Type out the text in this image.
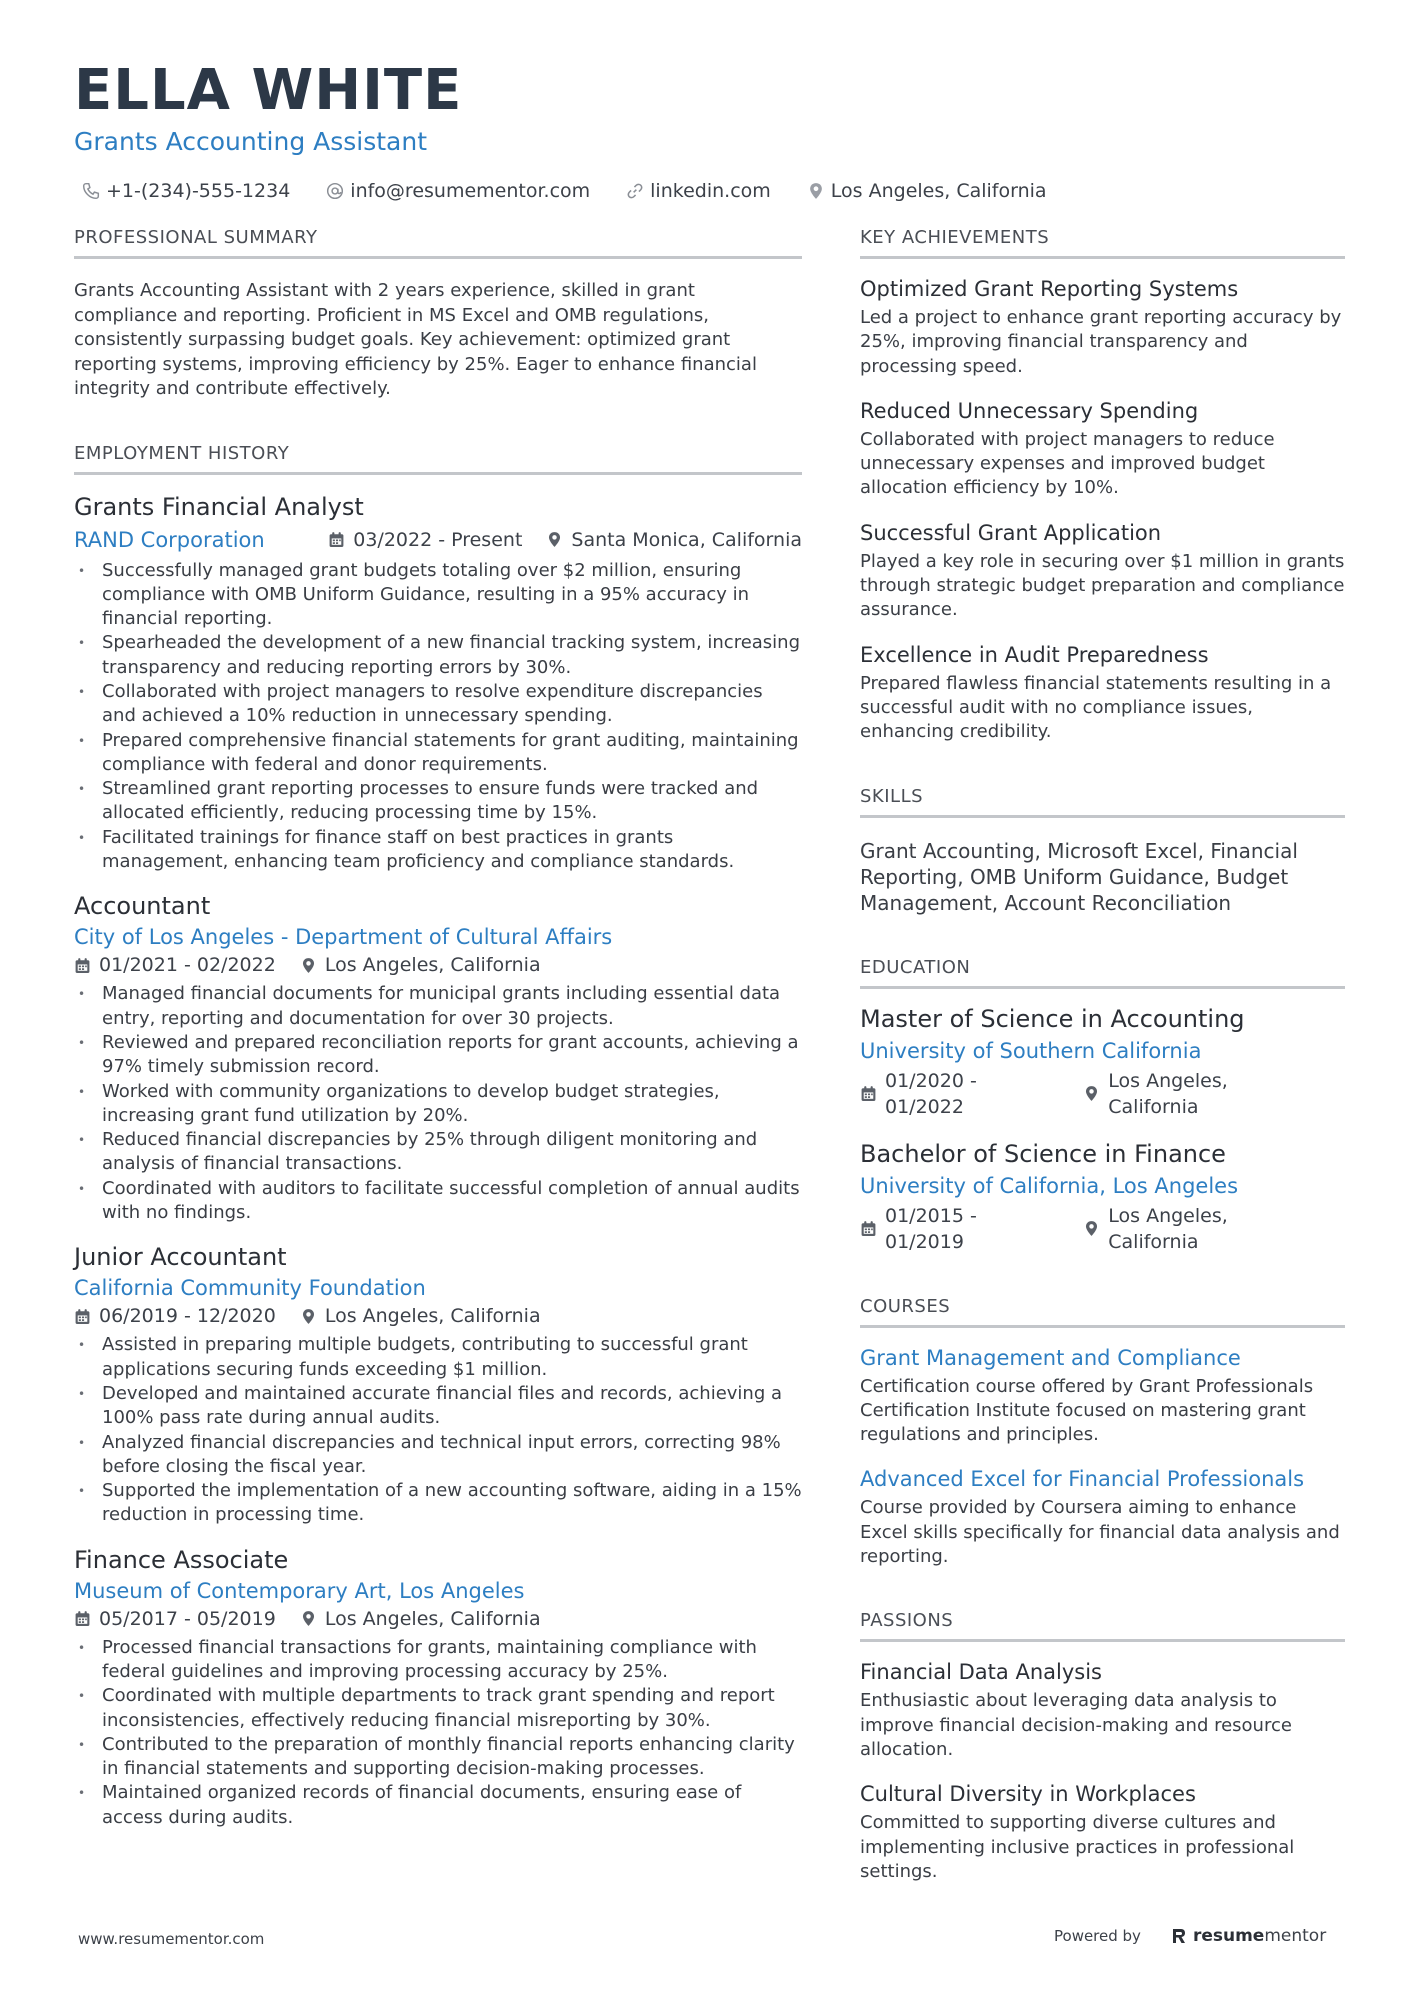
ELLA WHITE
Grants Accounting Assistant
+1-(234)-555-1234	info@resumementor.com	linkedin.com	Los Angeles, California
PROFESSIONAL SUMMARY
Grants Accounting Assistant with 2 years experience, skilled in grant compliance and reporting. Proficient in MS Excel and OMB regulations, consistently surpassing budget goals. Key achievement: optimized grant reporting systems, improving efficiency by 25%. Eager to enhance financial integrity and contribute effectively.
EMPLOYMENT HISTORY
Grants Financial Analyst
RAND Corporation	03/2022 - Present	Santa Monica, California
• Successfully managed grant budgets totaling over $2 million, ensuring compliance with OMB Uniform Guidance, resulting in a 95% accuracy in financial reporting.
• Spearheaded the development of a new financial tracking system, increasing transparency and reducing reporting errors by 30%.
• Collaborated with project managers to resolve expenditure discrepancies and achieved a 10% reduction in unnecessary spending.
• Prepared comprehensive financial statements for grant auditing, maintaining compliance with federal and donor requirements.
• Streamlined grant reporting processes to ensure funds were tracked and allocated efficiently, reducing processing time by 15%.
• Facilitated trainings for finance staff on best practices in grants management, enhancing team proficiency and compliance standards.
Accountant
City of Los Angeles - Department of Cultural Affairs
01/2021 - 02/2022	Los Angeles, California
• Managed financial documents for municipal grants including essential data entry, reporting and documentation for over 30 projects.
• Reviewed and prepared reconciliation reports for grant accounts, achieving a 97% timely submission record.
• Worked with community organizations to develop budget strategies, increasing grant fund utilization by 20%.
• Reduced financial discrepancies by 25% through diligent monitoring and analysis of financial transactions.
• Coordinated with auditors to facilitate successful completion of annual audits with no findings.
Junior Accountant
California Community Foundation
06/2019 - 12/2020	Los Angeles, California
• Assisted in preparing multiple budgets, contributing to successful grant applications securing funds exceeding $1 million.
• Developed and maintained accurate financial files and records, achieving a 100% pass rate during annual audits.
• Analyzed financial discrepancies and technical input errors, correcting 98% before closing the fiscal year.
• Supported the implementation of a new accounting software, aiding in a 15% reduction in processing time.
Finance Associate
Museum of Contemporary Art, Los Angeles
05/2017 - 05/2019	Los Angeles, California
• Processed financial transactions for grants, maintaining compliance with federal guidelines and improving processing accuracy by 25%.
• Coordinated with multiple departments to track grant spending and report inconsistencies, effectively reducing financial misreporting by 30%.
• Contributed to the preparation of monthly financial reports enhancing clarity in financial statements and supporting decision-making processes.
• Maintained organized records of financial documents, ensuring ease of access during audits.
KEY ACHIEVEMENTS
Optimized Grant Reporting Systems
Led a project to enhance grant reporting accuracy by 25%, improving financial transparency and processing speed.
Reduced Unnecessary Spending
Collaborated with project managers to reduce unnecessary expenses and improved budget allocation efficiency by 10%.
Successful Grant Application
Played a key role in securing over $1 million in grants through strategic budget preparation and compliance assurance.
Excellence in Audit Preparedness
Prepared flawless financial statements resulting in a successful audit with no compliance issues, enhancing credibility.
SKILLS
Grant Accounting, Microsoft Excel, Financial Reporting, OMB Uniform Guidance, Budget Management, Account Reconciliation
EDUCATION
Master of Science in Accounting
University of Southern California
01/2020 - 01/2022
Los Angeles, California
Bachelor of Science in Finance
University of California, Los Angeles
01/2015 - 01/2019
Los Angeles, California
COURSES
Grant Management and Compliance
Certification course offered by Grant Professionals Certification Institute focused on mastering grant regulations and principles.
Advanced Excel for Financial Professionals
Course provided by Coursera aiming to enhance Excel skills specifically for financial data analysis and reporting.
PASSIONS
Financial Data Analysis
Enthusiastic about leveraging data analysis to improve financial decision-making and resource allocation.
Cultural Diversity in Workplaces
Committed to supporting diverse cultures and implementing inclusive practices in professional settings.
www.resumementor.com	Powered by	resume mentor
